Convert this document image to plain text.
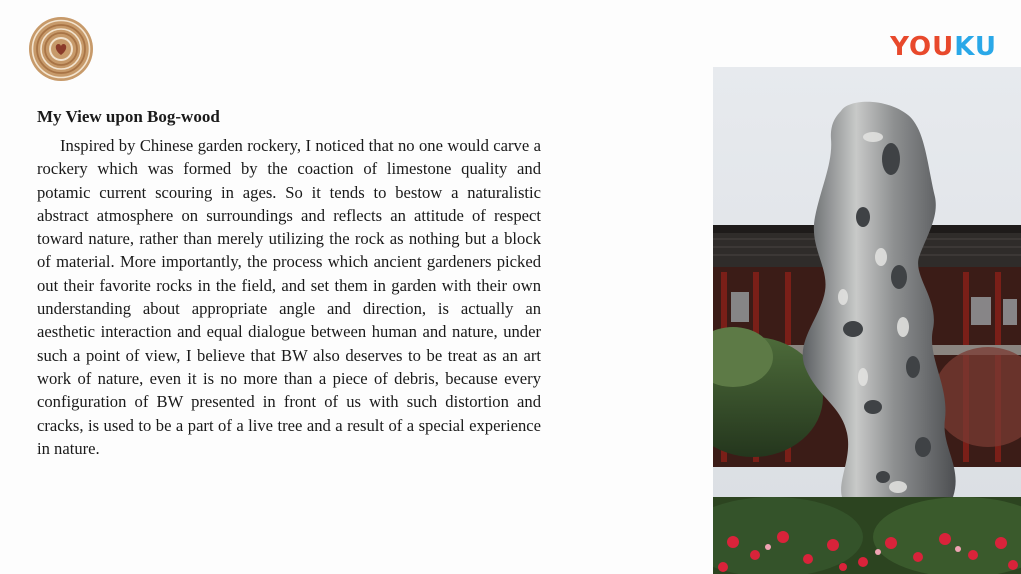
YOUKU
My View upon Bog-wood

Inspired by Chinese garden rockery, I noticed that no one would carve a rockery which was formed by the coaction of limestone quality and potamic current scouring in ages. So it tends to bestow a naturalistic abstract atmosphere on surroundings and reflects an attitude of respect toward nature, rather than merely utilizing the rock as nothing but a block of material. More importantly, the process which ancient gardeners picked out their favorite rocks in the field, and set them in garden with their own understanding about appropriate angle and direction, is actually an aesthetic interaction and equal dialogue between human and nature, under such a point of view, I believe that BW also deserves to be treat as an art work of nature, even it is no more than a piece of debris, because every configuration of BW presented in front of us with such distortion and cracks, is used to be a part of a live tree and a result of a special experience in nature.
